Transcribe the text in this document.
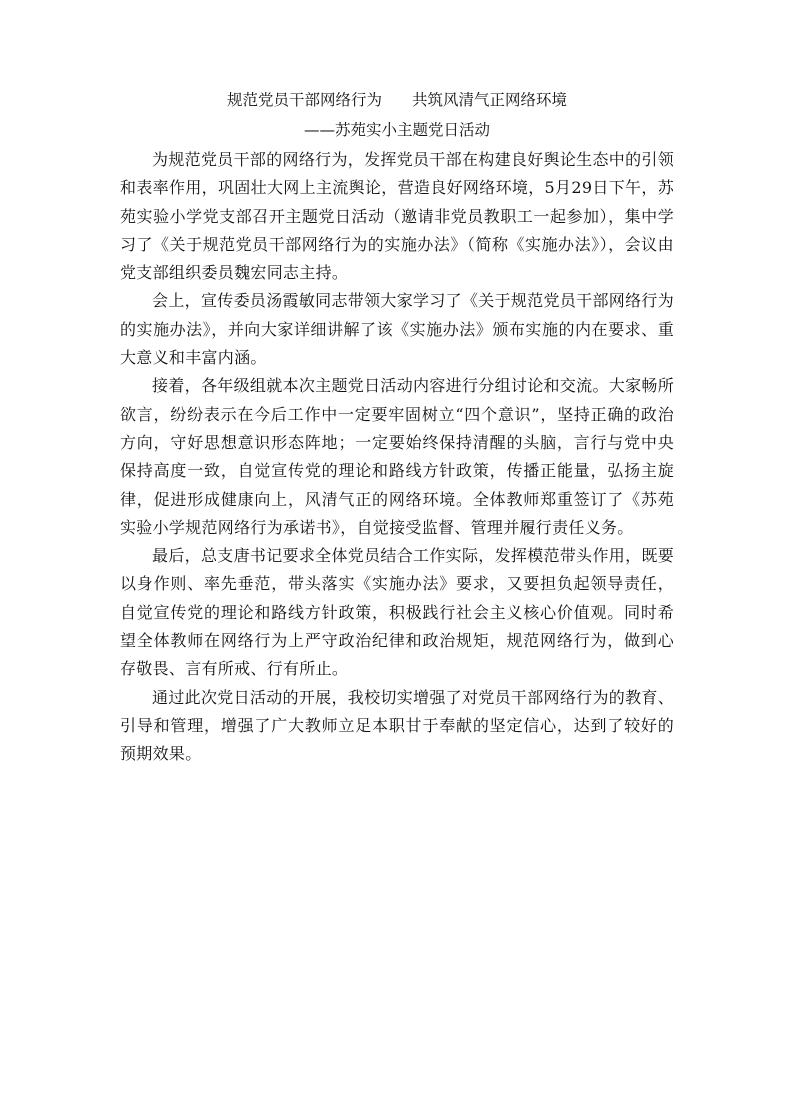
规范党员干部网络行为 共筑风清气正网络环境
——苏苑实小主题党日活动

为规范党员干部的网络行为，发挥党员干部在构建良好舆论生态中的引领和表率作用，巩固壮大网上主流舆论，营造良好网络环境，5月29日下午，苏苑实验小学党支部召开主题党日活动（邀请非党员教职工一起参加），集中学习了《关于规范党员干部网络行为的实施办法》（简称《实施办法》），会议由党支部组织委员魏宏同志主持。

会上，宣传委员汤霞敏同志带领大家学习了《关于规范党员干部网络行为的实施办法》，并向大家详细讲解了该《实施办法》颁布实施的内在要求、重大意义和丰富内涵。

接着，各年级组就本次主题党日活动内容进行分组讨论和交流。大家畅所欲言，纷纷表示在今后工作中一定要牢固树立“四个意识”，坚持正确的政治方向，守好思想意识形态阵地；一定要始终保持清醒的头脑，言行与党中央保持高度一致，自觉宣传党的理论和路线方针政策，传播正能量，弘扬主旋律，促进形成健康向上，风清气正的网络环境。全体教师郑重签订了《苏苑实验小学规范网络行为承诺书》，自觉接受监督、管理并履行责任义务。

最后，总支唐书记要求全体党员结合工作实际，发挥模范带头作用，既要以身作则、率先垂范，带头落实《实施办法》要求，又要担负起领导责任，自觉宣传党的理论和路线方针政策，积极践行社会主义核心价值观。同时希望全体教师在网络行为上严守政治纪律和政治规矩，规范网络行为，做到心存敬畏、言有所戒、行有所止。

通过此次党日活动的开展，我校切实增强了对党员干部网络行为的教育、引导和管理，增强了广大教师立足本职甘于奉献的坚定信心，达到了较好的预期效果。
